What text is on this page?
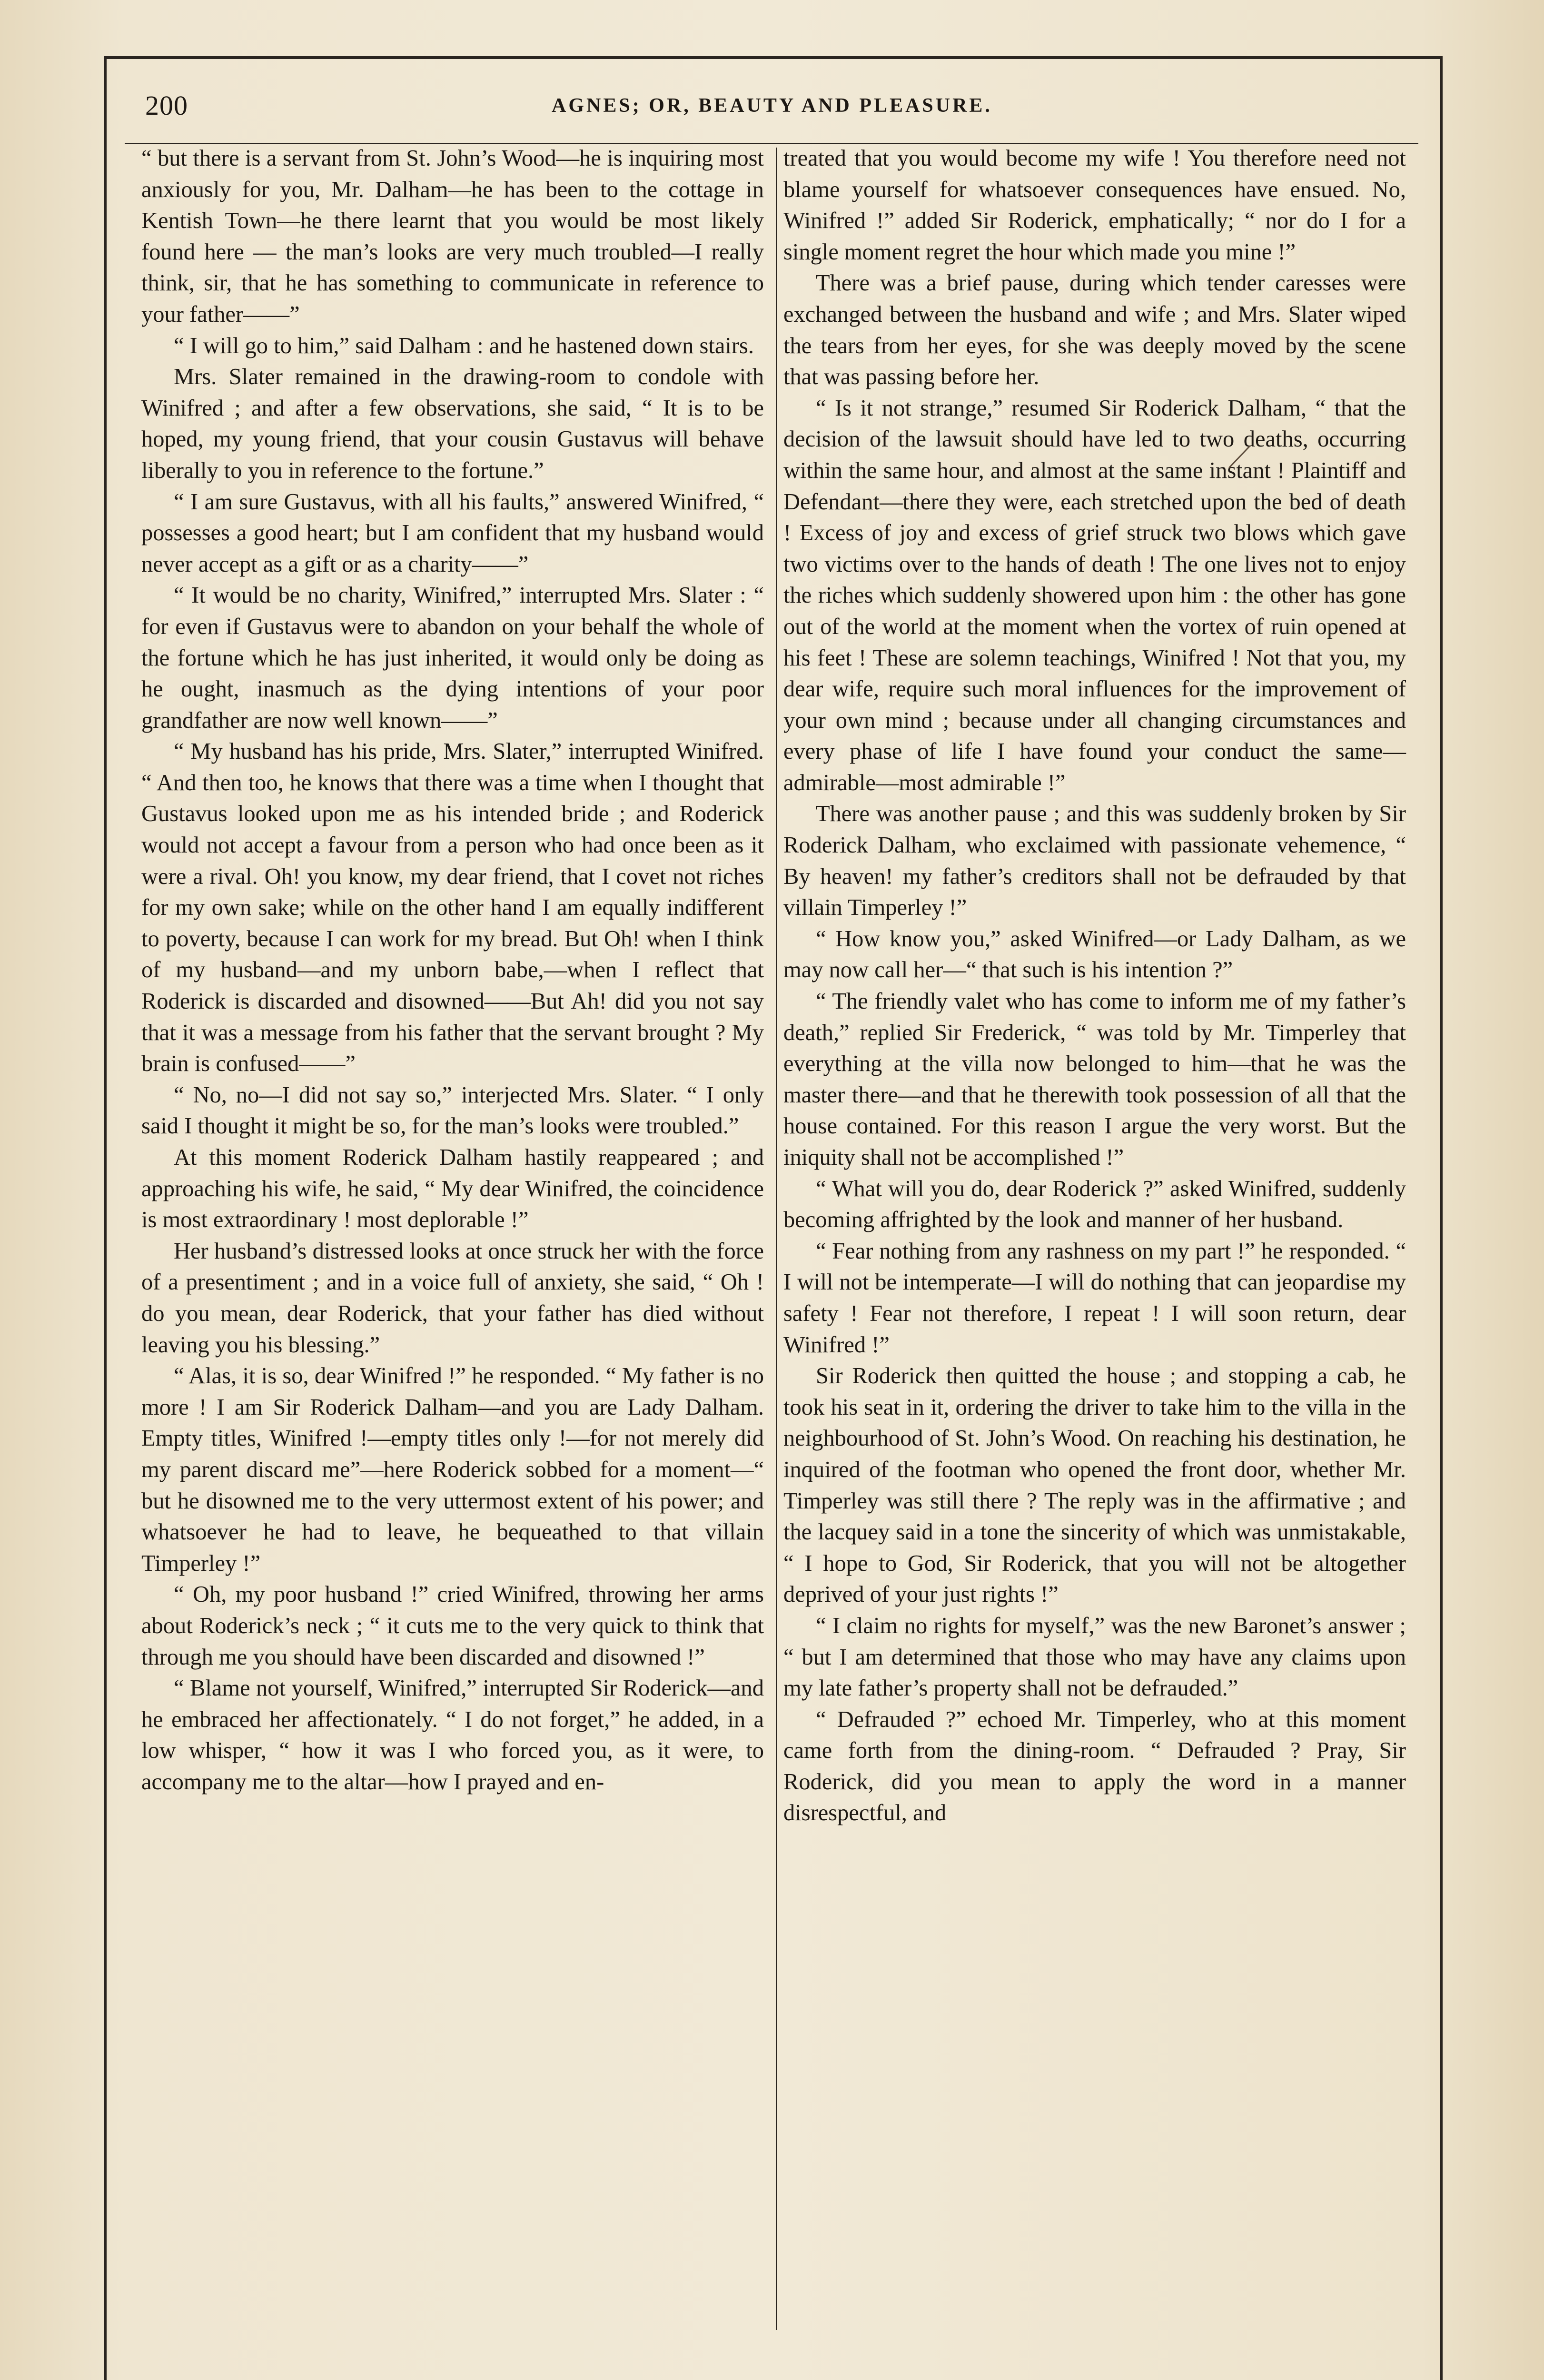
200	AGNES; OR, BEAUTY AND PLEASURE.

“ but there is a servant from St. John’s Wood—he is inquiring most anxiously for you, Mr. Dalham—he has been to the cottage in Kentish Town—he there learnt that you would be most likely found here — the man’s looks are very much troubled—I really think, sir, that he has something to communicate in reference to your father——”

“ I will go to him,” said Dalham : and he hastened down stairs.

Mrs. Slater remained in the drawing-room to condole with Winifred ; and after a few observations, she said, “ It is to be hoped, my young friend, that your cousin Gustavus will behave liberally to you in reference to the fortune.”

“ I am sure Gustavus, with all his faults,” answered Winifred, “ possesses a good heart; but I am confident that my husband would never accept as a gift or as a charity——”

“ It would be no charity, Winifred,” interrupted Mrs. Slater : “ for even if Gustavus were to abandon on your behalf the whole of the fortune which he has just inherited, it would only be doing as he ought, inasmuch as the dying intentions of your poor grandfather are now well known——”

“ My husband has his pride, Mrs. Slater,” interrupted Winifred. “ And then too, he knows that there was a time when I thought that Gustavus looked upon me as his intended bride ; and Roderick would not accept a favour from a person who had once been as it were a rival. Oh! you know, my dear friend, that I covet not riches for my own sake; while on the other hand I am equally indifferent to poverty, because I can work for my bread. But Oh! when I think of my husband—and my unborn babe,—when I reflect that Roderick is discarded and disowned——But Ah! did you not say that it was a message from his father that the servant brought ? My brain is confused——”

“ No, no—I did not say so,” interjected Mrs. Slater. “ I only said I thought it might be so, for the man’s looks were troubled.”

At this moment Roderick Dalham hastily reappeared ; and approaching his wife, he said, “ My dear Winifred, the coincidence is most extraordinary ! most deplorable !”

Her husband’s distressed looks at once struck her with the force of a presentiment ; and in a voice full of anxiety, she said, “ Oh ! do you mean, dear Roderick, that your father has died without leaving you his blessing.”

“ Alas, it is so, dear Winifred !” he responded. “ My father is no more ! I am Sir Roderick Dalham—and you are Lady Dalham. Empty titles, Winifred !—empty titles only !—for not merely did my parent discard me”—here Roderick sobbed for a moment—“ but he disowned me to the very uttermost extent of his power; and whatsoever he had to leave, he bequeathed to that villain Timperley !”

“ Oh, my poor husband !” cried Winifred, throwing her arms about Roderick’s neck ; “ it cuts me to the very quick to think that through me you should have been discarded and disowned !”

“ Blame not yourself, Winifred,” interrupted Sir Roderick—and he embraced her affectionately. “ I do not forget,” he added, in a low whisper, “ how it was I who forced you, as it were, to accompany me to the altar—how I prayed and en-

treated that you would become my wife ! You therefore need not blame yourself for whatsoever consequences have ensued. No, Winifred !” added Sir Roderick, emphatically; “ nor do I for a single moment regret the hour which made you mine !”

There was a brief pause, during which tender caresses were exchanged between the husband and wife ; and Mrs. Slater wiped the tears from her eyes, for she was deeply moved by the scene that was passing before her.

“ Is it not strange,” resumed Sir Roderick Dalham, “ that the decision of the lawsuit should have led to two deaths, occurring within the same hour, and almost at the same instant ! Plaintiff and Defendant—there they were, each stretched upon the bed of death ! Excess of joy and excess of grief struck two blows which gave two victims over to the hands of death ! The one lives not to enjoy the riches which suddenly showered upon him : the other has gone out of the world at the moment when the vortex of ruin opened at his feet ! These are solemn teachings, Winifred ! Not that you, my dear wife, require such moral influences for the improvement of your own mind ; because under all changing circumstances and every phase of life I have found your conduct the same—admirable—most admirable !”

There was another pause ; and this was suddenly broken by Sir Roderick Dalham, who exclaimed with passionate vehemence, “ By heaven! my father’s creditors shall not be defrauded by that villain Timperley !”

“ How know you,” asked Winifred—or Lady Dalham, as we may now call her—“ that such is his intention ?”

“ The friendly valet who has come to inform me of my father’s death,” replied Sir Frederick, “ was told by Mr. Timperley that everything at the villa now belonged to him—that he was the master there—and that he therewith took possession of all that the house contained. For this reason I argue the very worst. But the iniquity shall not be accomplished !”

“ What will you do, dear Roderick ?” asked Winifred, suddenly becoming affrighted by the look and manner of her husband.

“ Fear nothing from any rashness on my part !” he responded. “ I will not be intemperate—I will do nothing that can jeopardise my safety ! Fear not therefore, I repeat ! I will soon return, dear Winifred !”

Sir Roderick then quitted the house ; and stopping a cab, he took his seat in it, ordering the driver to take him to the villa in the neighbourhood of St. John’s Wood. On reaching his destination, he inquired of the footman who opened the front door, whether Mr. Timperley was still there ? The reply was in the affirmative ; and the lacquey said in a tone the sincerity of which was unmistakable, “ I hope to God, Sir Roderick, that you will not be altogether deprived of your just rights !”

“ I claim no rights for myself,” was the new Baronet’s answer ; “ but I am determined that those who may have any claims upon my late father’s property shall not be defrauded.”

“ Defrauded ?” echoed Mr. Timperley, who at this moment came forth from the dining-room. “ Defrauded ? Pray, Sir Roderick, did you mean to apply the word in a manner disrespectful, and
